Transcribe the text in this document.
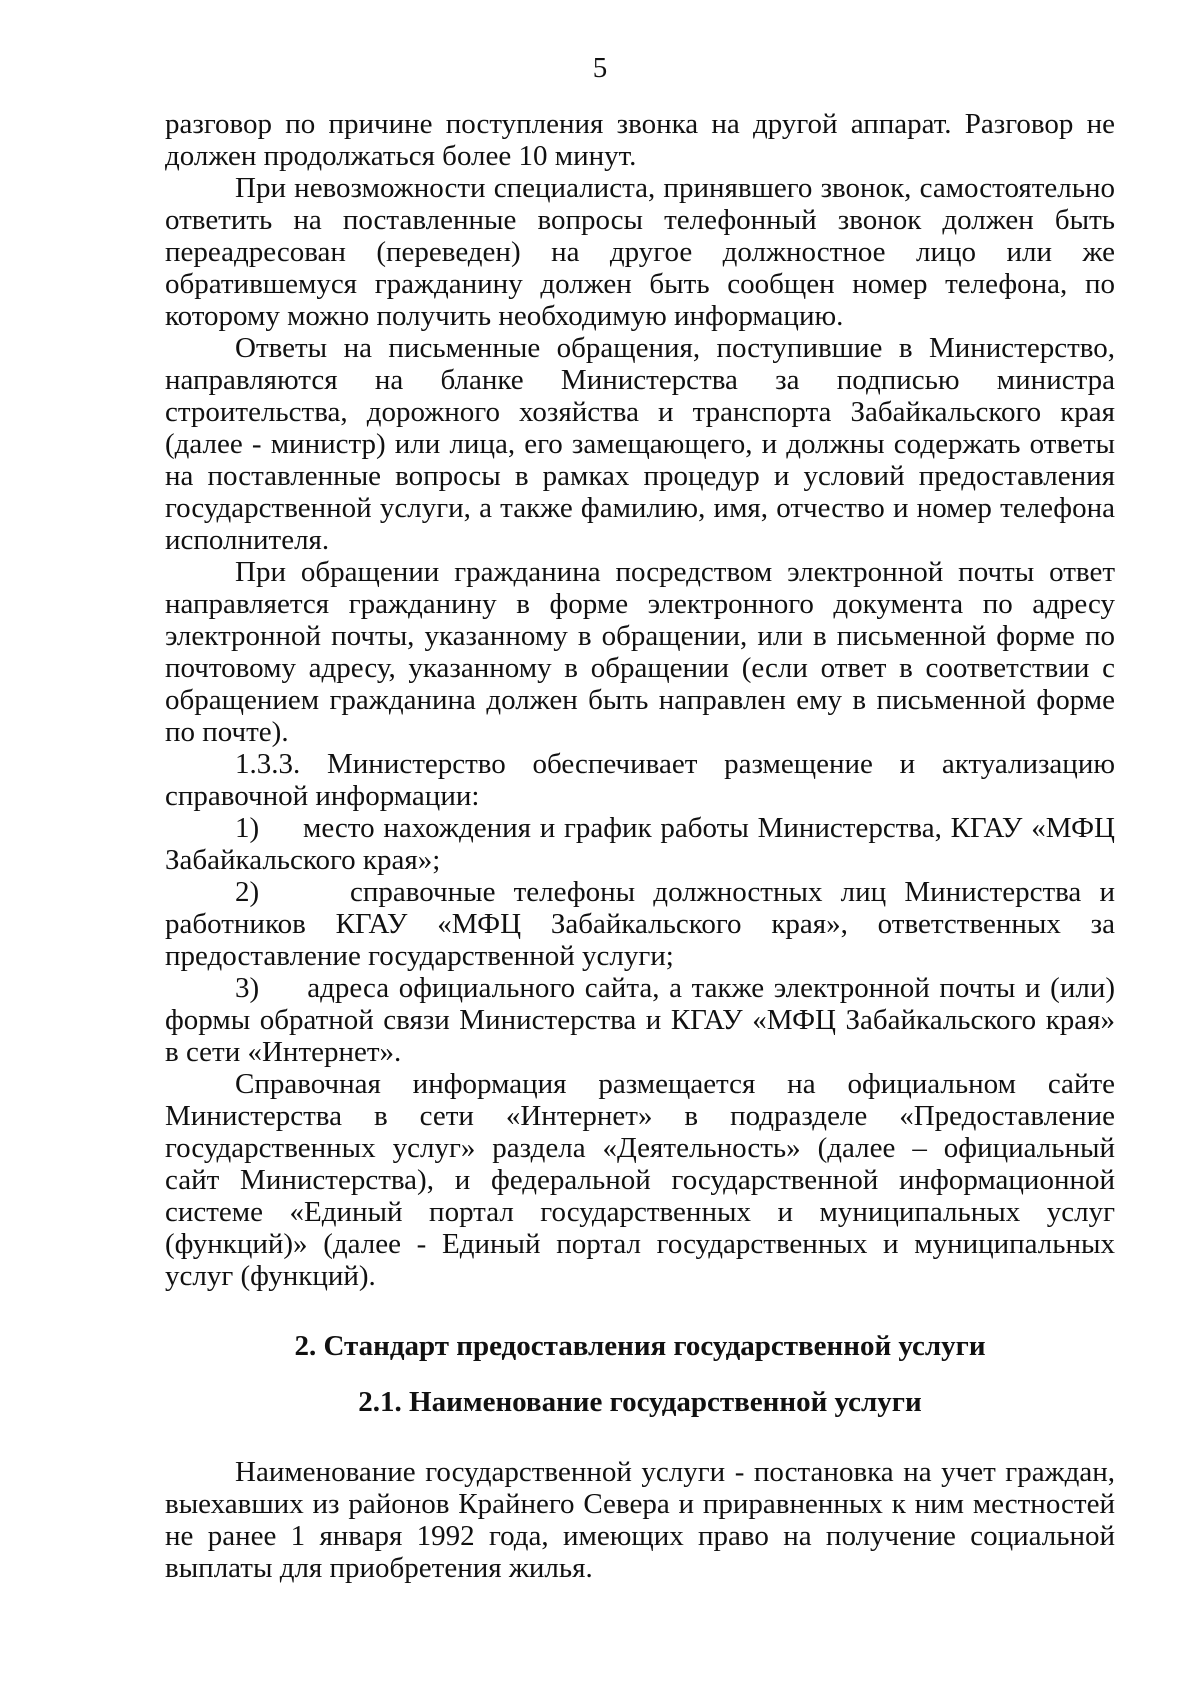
5

разговор по причине поступления звонка на другой аппарат. Разговор не должен продолжаться более 10 минут.

При невозможности специалиста, принявшего звонок, самостоятельно ответить на поставленные вопросы телефонный звонок должен быть переадресован (переведен) на другое должностное лицо или же обратившемуся гражданину должен быть сообщен номер телефона, по которому можно получить необходимую информацию.

Ответы на письменные обращения, поступившие в Министерство, направляются на бланке Министерства за подписью министра строительства, дорожного хозяйства и транспорта Забайкальского края (далее - министр) или лица, его замещающего, и должны содержать ответы на поставленные вопросы в рамках процедур и условий предоставления государственной услуги, а также фамилию, имя, отчество и номер телефона исполнителя.

При обращении гражданина посредством электронной почты ответ направляется гражданину в форме электронного документа по адресу электронной почты, указанному в обращении, или в письменной форме по почтовому адресу, указанному в обращении (если ответ в соответствии с обращением гражданина должен быть направлен ему в письменной форме по почте).

1.3.3. Министерство обеспечивает размещение и актуализацию справочной информации:

1)     место нахождения и график работы Министерства, КГАУ «МФЦ Забайкальского края»;

2)     справочные телефоны должностных лиц Министерства и работников КГАУ «МФЦ Забайкальского края», ответственных за предоставление государственной услуги;

3)     адреса официального сайта, а также электронной почты и (или) формы обратной связи Министерства и КГАУ «МФЦ Забайкальского края» в сети «Интернет».

Справочная информация размещается на официальном сайте Министерства в сети «Интернет» в подразделе «Предоставление государственных услуг» раздела «Деятельность» (далее – официальный сайт Министерства), и федеральной государственной информационной системе «Единый портал государственных и муниципальных услуг (функций)» (далее - Единый портал государственных и муниципальных услуг (функций).

2. Стандарт предоставления государственной услуги
2.1. Наименование государственной услуги

Наименование государственной услуги - постановка на учет граждан, выехавших из районов Крайнего Севера и приравненных к ним местностей не ранее 1 января 1992 года, имеющих право на получение социальной выплаты для приобретения жилья.
